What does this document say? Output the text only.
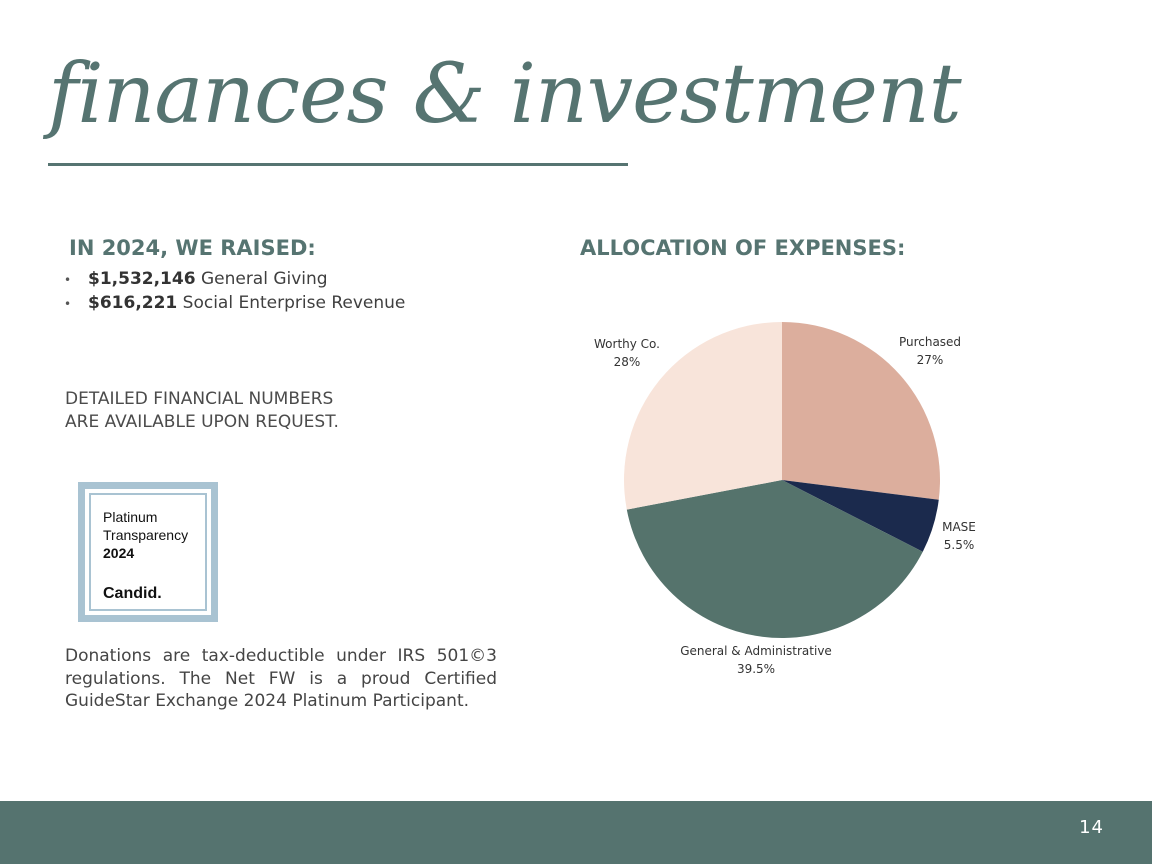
finances & investment
IN 2024, WE RAISED:
• $1,532,146 General Giving
• $616,221 Social Enterprise Revenue
DETAILED FINANCIAL NUMBERS
ARE AVAILABLE UPON REQUEST.
Platinum
Transparency
2024
Candid.
Donations are tax-deductible under IRS 501©3 regulations. The Net FW is a proud Certified GuideStar Exchange 2024 Platinum Participant.
ALLOCATION OF EXPENSES:
Purchased
27%
MASE
5.5%
General & Administrative
39.5%
Worthy Co.
28%
14
